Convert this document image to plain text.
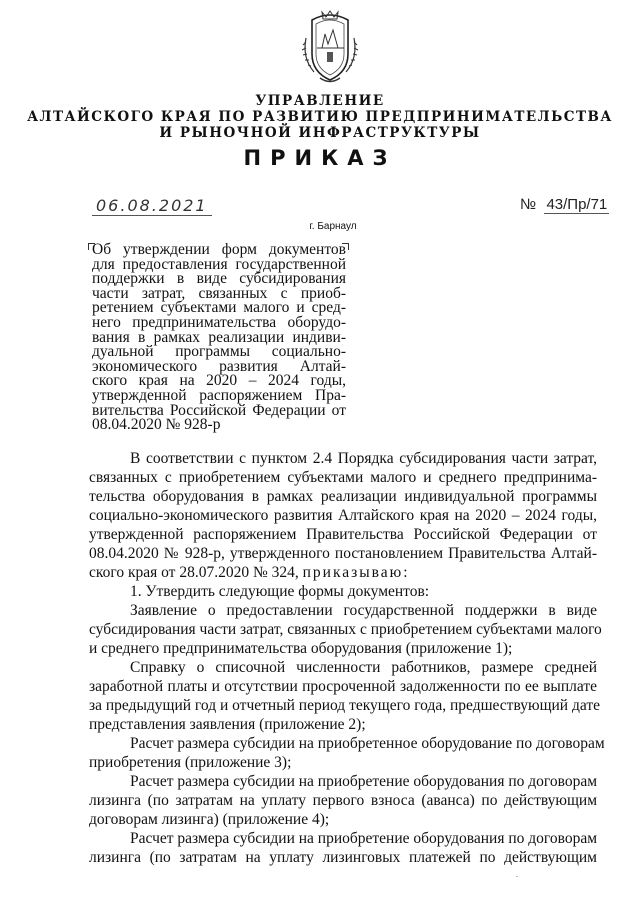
УПРАВЛЕНИЕ
АЛТАЙСКОГО КРАЯ ПО РАЗВИТИЮ ПРЕДПРИНИМАТЕЛЬСТВА
И РЫНОЧНОЙ ИНФРАСТРУКТУРЫ
ПРИКАЗ
06.08.2021	№ 43/Пр/71
г. Барнаул
Об утверждении форм документов
для предоставления государственной
поддержки в виде субсидирования
части затрат, связанных с приоб-
ретением субъектами малого и сред-
него предпринимательства оборудо-
вания в рамках реализации индиви-
дуальной программы социально-
экономического развития Алтай-
ского края на 2020 – 2024 годы,
утвержденной распоряжением Пра-
вительства Российской Федерации от
08.04.2020 № 928-р
В соответствии с пунктом 2.4 Порядка субсидирования части затрат,
связанных с приобретением субъектами малого и среднего предпринима-
тельства оборудования в рамках реализации индивидуальной программы
социально-экономического развития Алтайского края на 2020 – 2024 годы,
утвержденной распоряжением Правительства Российской Федерации от
08.04.2020 № 928-р, утвержденного постановлением Правительства Алтай-
ского края от 28.07.2020 № 324, приказываю:
1. Утвердить следующие формы документов:
Заявление о предоставлении государственной поддержки в виде
субсидирования части затрат, связанных с приобретением субъектами малого
и среднего предпринимательства оборудования (приложение 1);
Справку о списочной численности работников, размере средней
заработной платы и отсутствии просроченной задолженности по ее выплате
за предыдущий год и отчетный период текущего года, предшествующий дате
представления заявления (приложение 2);
Расчет размера субсидии на приобретенное оборудование по договорам
приобретения (приложение 3);
Расчет размера субсидии на приобретение оборудования по договорам
лизинга (по затратам на уплату первого взноса (аванса) по действующим
договорам лизинга) (приложение 4);
Расчет размера субсидии на приобретение оборудования по договорам
лизинга (по затратам на уплату лизинговых платежей по действующим
